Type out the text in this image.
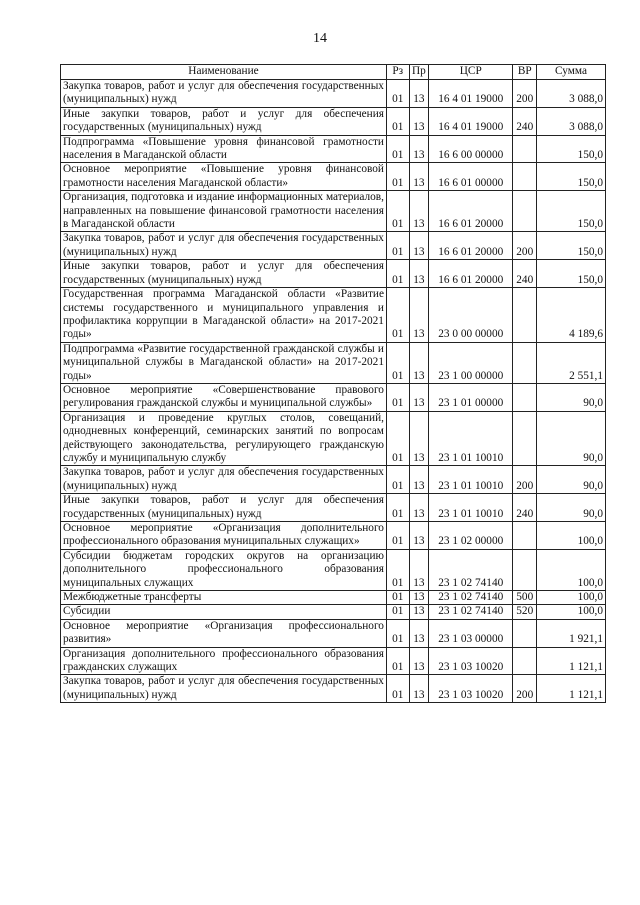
14
Наименование	Рз	Пр	ЦСР	ВР	Сумма
Закупка товаров, работ и услуг для обеспечения государственных (муниципальных) нужд	01	13	16 4 01 19000	200	3 088,0
Иные закупки товаров, работ и услуг для обеспечения государственных (муниципальных) нужд	01	13	16 4 01 19000	240	3 088,0
Подпрограмма «Повышение уровня финансовой грамотности населения в Магаданской области	01	13	16 6 00 00000		150,0
Основное мероприятие «Повышение уровня финансовой грамотности населения Магаданской области»	01	13	16 6 01 00000		150,0
Организация, подготовка и издание информационных материалов, направленных на повышение финансовой грамотности населения в Магаданской области	01	13	16 6 01 20000		150,0
Закупка товаров, работ и услуг для обеспечения государственных (муниципальных) нужд	01	13	16 6 01 20000	200	150,0
Иные закупки товаров, работ и услуг для обеспечения государственных (муниципальных) нужд	01	13	16 6 01 20000	240	150,0
Государственная программа Магаданской области «Развитие системы государственного и муниципального управления и профилактика коррупции в Магаданской области» на 2017-2021 годы»	01	13	23 0 00 00000		4 189,6
Подпрограмма «Развитие государственной гражданской службы и муниципальной службы в Магаданской области» на 2017-2021 годы»	01	13	23 1 00 00000		2 551,1
Основное мероприятие «Совершенствование правового регулирования гражданской службы и муниципальной службы»	01	13	23 1 01 00000		90,0
Организация и проведение круглых столов, совещаний, однодневных конференций, семинарских занятий по вопросам действующего законодательства, регулирующего гражданскую службу и муниципальную службу	01	13	23 1 01 10010		90,0
Закупка товаров, работ и услуг для обеспечения государственных (муниципальных) нужд	01	13	23 1 01 10010	200	90,0
Иные закупки товаров, работ и услуг для обеспечения государственных (муниципальных) нужд	01	13	23 1 01 10010	240	90,0
Основное мероприятие «Организация дополнительного профессионального образования муниципальных служащих»	01	13	23 1 02 00000		100,0
Субсидии бюджетам городских округов на организацию дополнительного профессионального образования муниципальных служащих	01	13	23 1 02 74140		100,0
Межбюджетные трансферты	01	13	23 1 02 74140	500	100,0
Субсидии	01	13	23 1 02 74140	520	100,0
Основное мероприятие «Организация профессионального развития»	01	13	23 1 03 00000		1 921,1
Организация дополнительного профессионального образования гражданских служащих	01	13	23 1 03 10020		1 121,1
Закупка товаров, работ и услуг для обеспечения государственных (муниципальных) нужд	01	13	23 1 03 10020	200	1 121,1
